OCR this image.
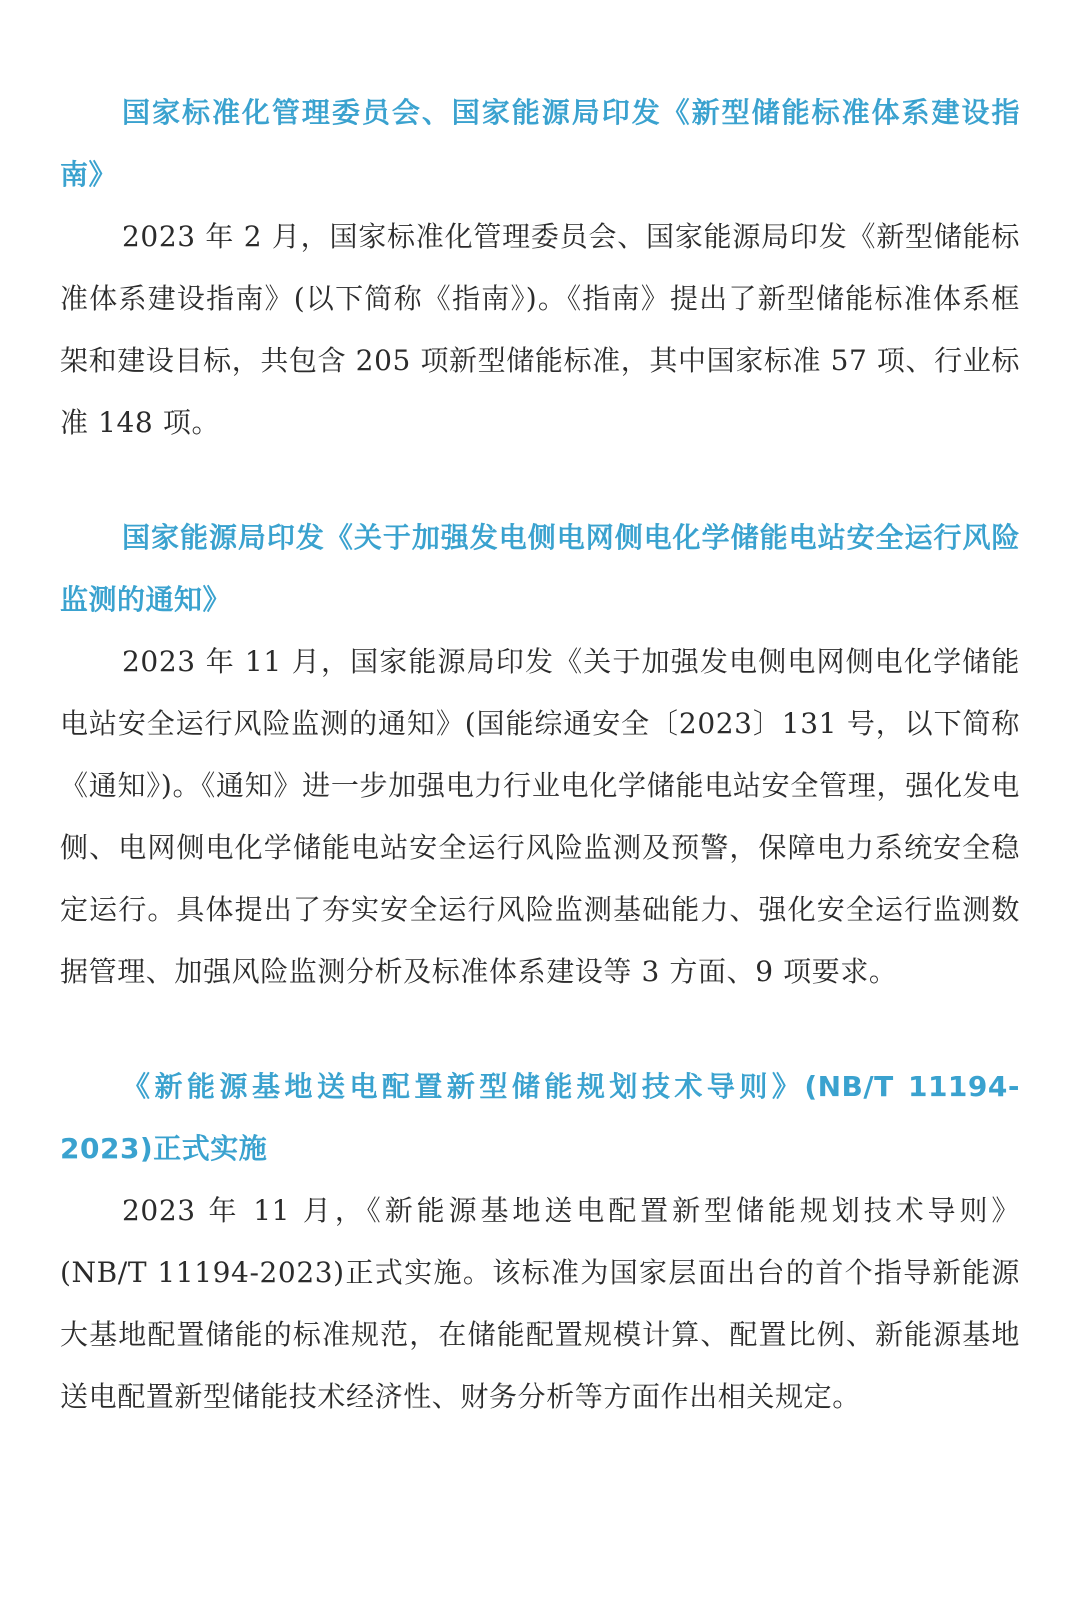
国家标准化管理委员会、国家能源局印发《新型储能标准体系建设指南》

2023 年 2 月，国家标准化管理委员会、国家能源局印发《新型储能标准体系建设指南》(以下简称《指南》)。《指南》提出了新型储能标准体系框架和建设目标，共包含 205 项新型储能标准，其中国家标准 57 项、行业标准 148 项。

国家能源局印发《关于加强发电侧电网侧电化学储能电站安全运行风险监测的通知》

2023 年 11 月，国家能源局印发《关于加强发电侧电网侧电化学储能电站安全运行风险监测的通知》(国能综通安全〔2023〕131 号，以下简称《通知》)。《通知》进一步加强电力行业电化学储能电站安全管理，强化发电侧、电网侧电化学储能电站安全运行风险监测及预警，保障电力系统安全稳定运行。具体提出了夯实安全运行风险监测基础能力、强化安全运行监测数据管理、加强风险监测分析及标准体系建设等 3 方面、9 项要求。

《新能源基地送电配置新型储能规划技术导则》(NB/T 11194-2023)正式实施

2023 年 11 月，《新能源基地送电配置新型储能规划技术导则》(NB/T 11194-2023)正式实施。该标准为国家层面出台的首个指导新能源大基地配置储能的标准规范，在储能配置规模计算、配置比例、新能源基地送电配置新型储能技术经济性、财务分析等方面作出相关规定。
